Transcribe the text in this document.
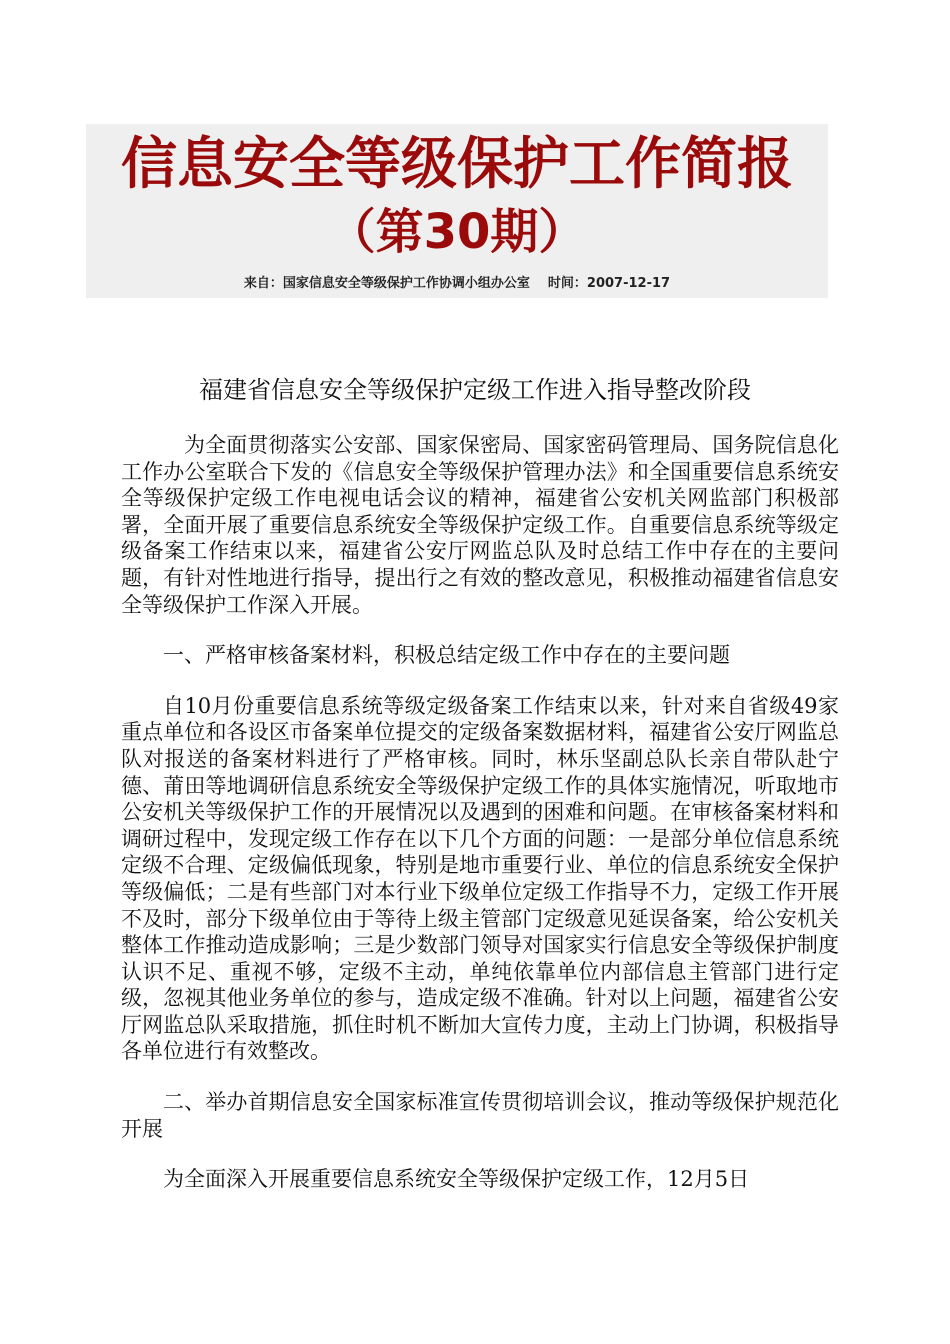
信息安全等级保护工作简报
（第30期）
来自：国家信息安全等级保护工作协调小组办公室 时间：2007-12-17
福建省信息安全等级保护定级工作进入指导整改阶段

为全面贯彻落实公安部、国家保密局、国家密码管理局、国务院信息化工作办公室联合下发的《信息安全等级保护管理办法》和全国重要信息系统安全等级保护定级工作电视电话会议的精神，福建省公安机关网监部门积极部署，全面开展了重要信息系统安全等级保护定级工作。自重要信息系统等级定级备案工作结束以来，福建省公安厅网监总队及时总结工作中存在的主要问题，有针对性地进行指导，提出行之有效的整改意见，积极推动福建省信息安全等级保护工作深入开展。

一、严格审核备案材料，积极总结定级工作中存在的主要问题

自10月份重要信息系统等级定级备案工作结束以来，针对来自省级49家重点单位和各设区市备案单位提交的定级备案数据材料，福建省公安厅网监总队对报送的备案材料进行了严格审核。同时，林乐坚副总队长亲自带队赴宁德、莆田等地调研信息系统安全等级保护定级工作的具体实施情况，听取地市公安机关等级保护工作的开展情况以及遇到的困难和问题。在审核备案材料和调研过程中，发现定级工作存在以下几个方面的问题：一是部分单位信息系统定级不合理、定级偏低现象，特别是地市重要行业、单位的信息系统安全保护等级偏低；二是有些部门对本行业下级单位定级工作指导不力，定级工作开展不及时，部分下级单位由于等待上级主管部门定级意见延误备案，给公安机关整体工作推动造成影响；三是少数部门领导对国家实行信息安全等级保护制度认识不足、重视不够，定级不主动，单纯依靠单位内部信息主管部门进行定级，忽视其他业务单位的参与，造成定级不准确。针对以上问题，福建省公安厅网监总队采取措施，抓住时机不断加大宣传力度，主动上门协调，积极指导各单位进行有效整改。

二、举办首期信息安全国家标准宣传贯彻培训会议，推动等级保护规范化开展

为全面深入开展重要信息系统安全等级保护定级工作，12月5日
